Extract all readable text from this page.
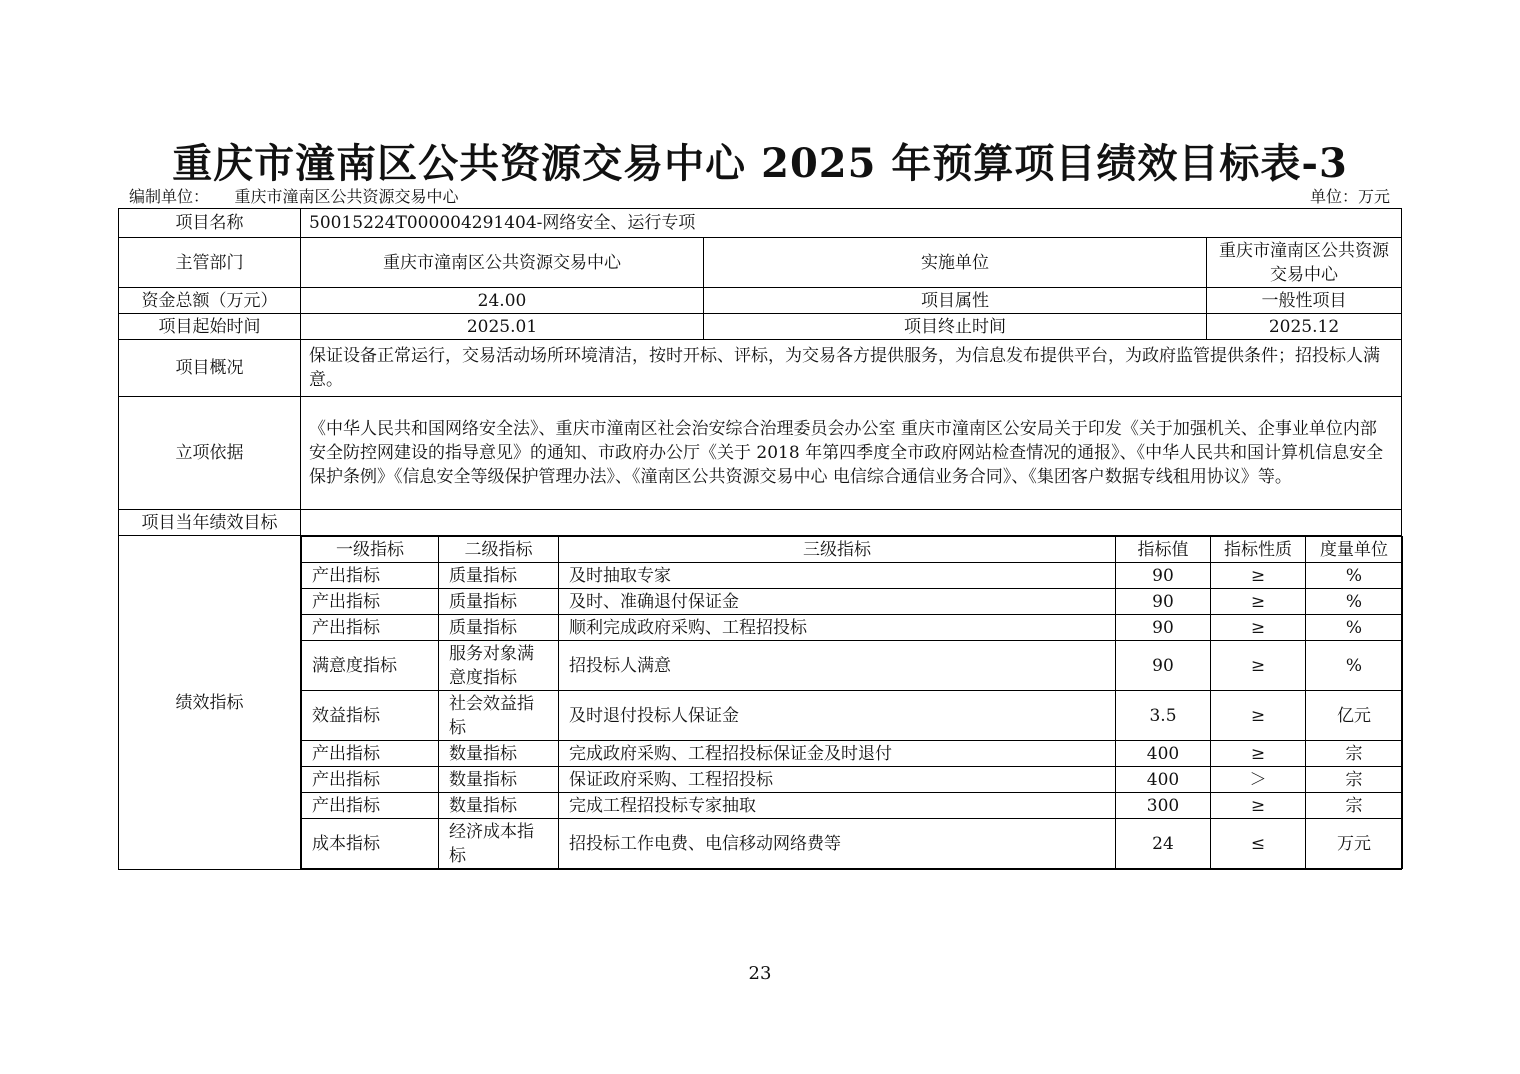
重庆市潼南区公共资源交易中心 2025 年预算项目绩效目标表-3
编制单位： 重庆市潼南区公共资源交易中心	单位：万元
项目名称	50015224T000004291404-网络安全、运行专项
主管部门	重庆市潼南区公共资源交易中心	实施单位	重庆市潼南区公共资源交易中心
资金总额（万元）	24.00	项目属性	一般性项目
项目起始时间	2025.01	项目终止时间	2025.12
项目概况	保证设备正常运行，交易活动场所环境清洁，按时开标、评标，为交易各方提供服务，为信息发布提供平台，为政府监管提供条件；招投标人满意。
立项依据	《中华人民共和国网络安全法》、重庆市潼南区社会治安综合治理委员会办公室 重庆市潼南区公安局关于印发《关于加强机关、企事业单位内部安全防控网建设的指导意见》的通知、市政府办公厅《关于 2018 年第四季度全市政府网站检查情况的通报》、《中华人民共和国计算机信息安全保护条例》《信息安全等级保护管理办法》、《潼南区公共资源交易中心 电信综合通信业务合同》、《集团客户数据专线租用协议》等。
项目当年绩效目标	
绩效指标	
一级指标	二级指标	三级指标	指标值	指标性质	度量单位
产出指标	质量指标	及时抽取专家	90	≥	%
产出指标	质量指标	及时、准确退付保证金	90	≥	%
产出指标	质量指标	顺利完成政府采购、工程招投标	90	≥	%
满意度指标	服务对象满意度指标	招投标人满意	90	≥	%
效益指标	社会效益指标	及时退付投标人保证金	3.5	≥	亿元
产出指标	数量指标	完成政府采购、工程招投标保证金及时退付	400	≥	宗
产出指标	数量指标	保证政府采购、工程招投标	400	＞	宗
产出指标	数量指标	完成工程招投标专家抽取	300	≥	宗
成本指标	经济成本指标	招投标工作电费、电信移动网络费等	24	≤	万元
23
